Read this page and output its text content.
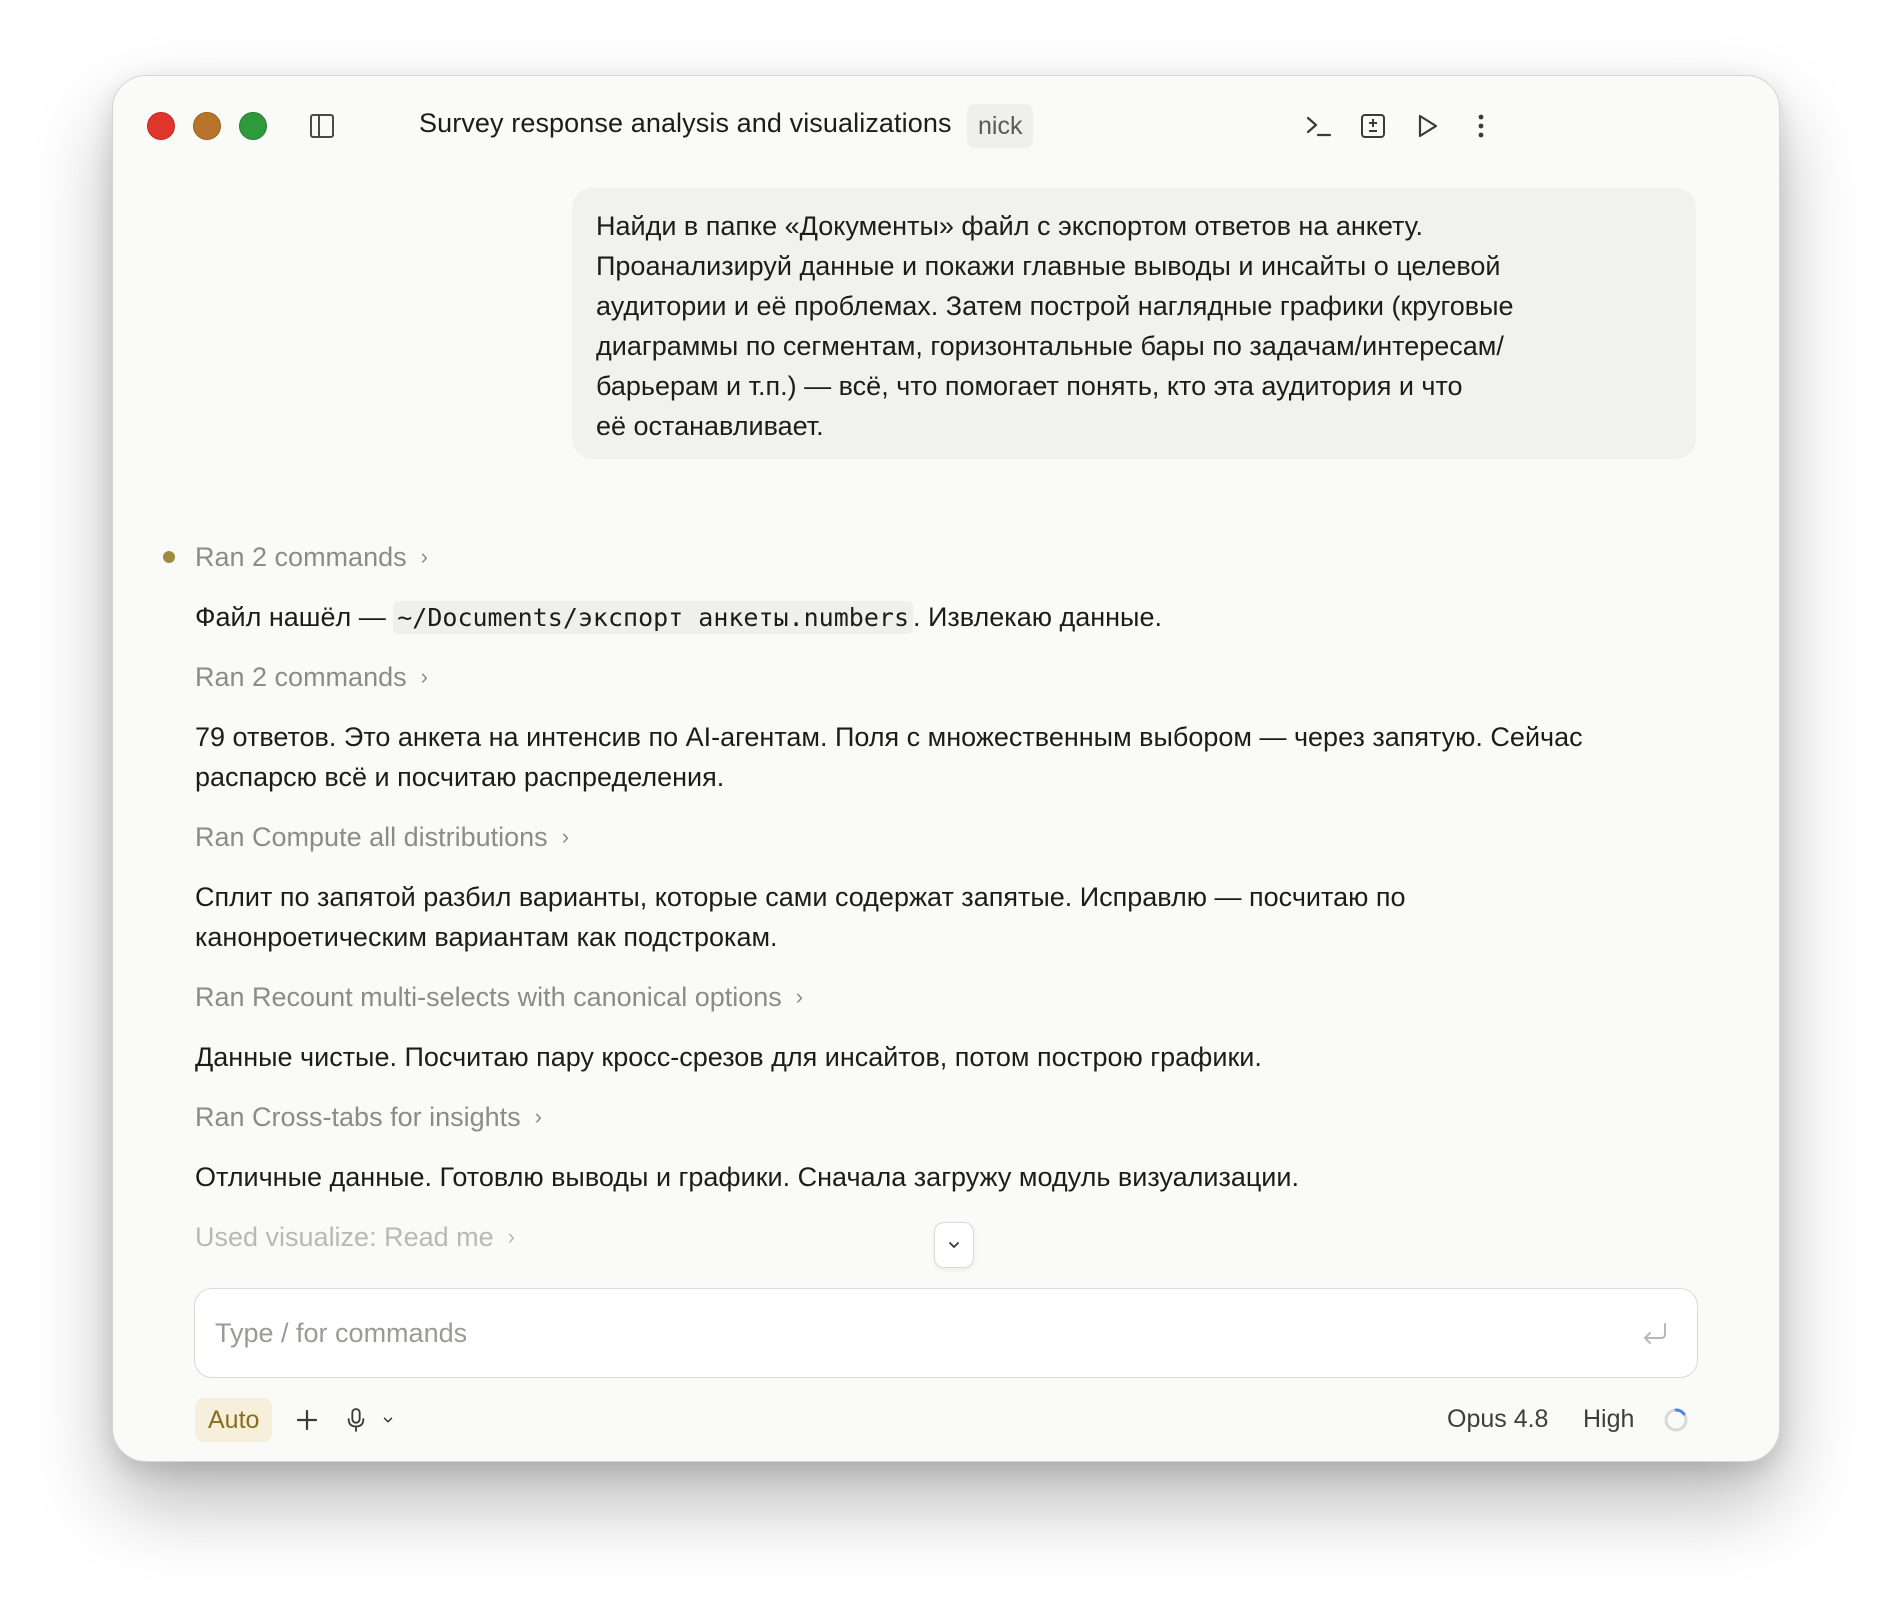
Survey response analysis and visualizations	nick

Найди в папке «Документы» файл с экспортом ответов на анкету.

Проанализируй данные и покажи главные выводы и инсайты о целевой

аудитории и её проблемах. Затем построй наглядные графики (круговые

диаграммы по сегментам, горизонтальные бары по задачам/интересам/

барьерам и т.п.) — всё, что помогает понять, кто эта аудитория и что

её останавливает.

Ran 2 commands ›
Файл нашёл — ~/Documents/экспорт анкеты.numbers . Извлекаю данные.
Ran 2 commands ›
79 ответов. Это анкета на интенсив по AI-агентам. Поля с множественным выбором — через запятую. Сейчас
распарсю всё и посчитаю распределения.
Ran Compute all distributions ›
Сплит по запятой разбил варианты, которые сами содержат запятые. Исправлю — посчитаю по
канонроетическим вариантам как подстрокам.
Ran Recount multi-selects with canonical options ›
Данные чистые. Посчитаю пару кросс-срезов для инсайтов, потом построю графики.
Ran Cross-tabs for insights ›
Отличные данные. Готовлю выводы и графики. Сначала загружу модуль визуализации.
Used visualize: Read me ›
Type / for commands
Auto	Opus 4.8 High
